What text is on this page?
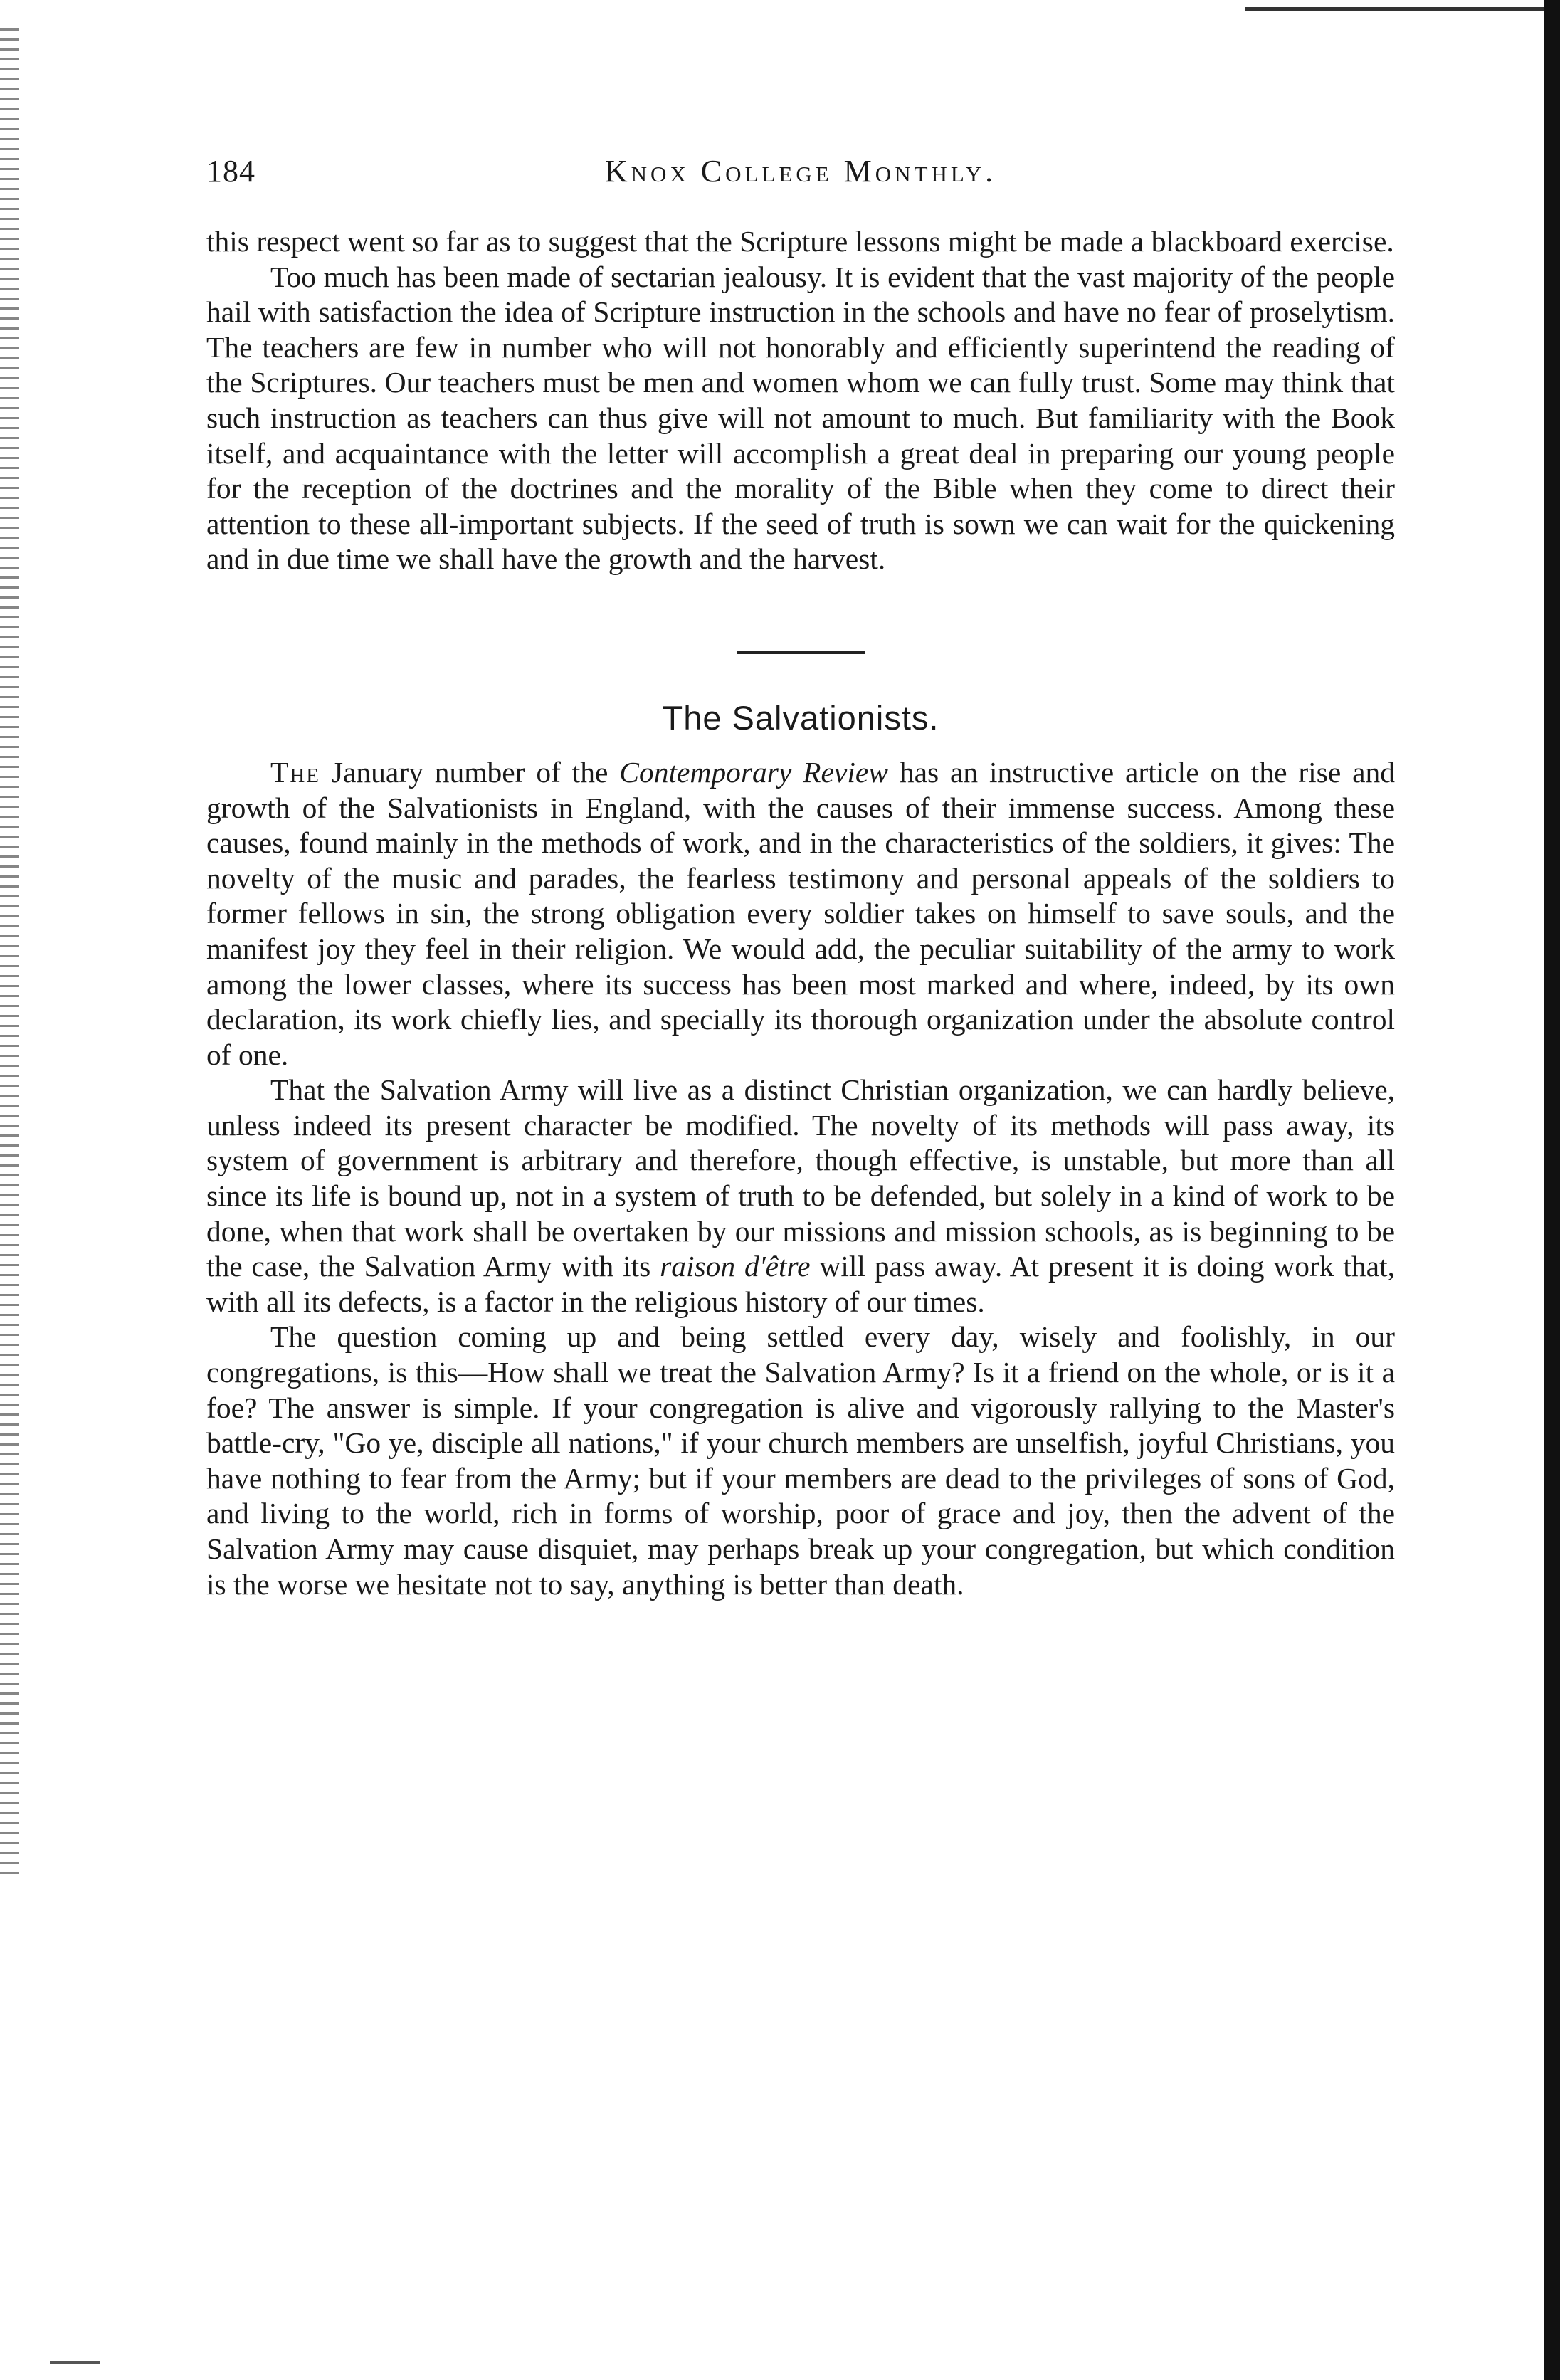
184	Knox College Monthly.

this respect went so far as to suggest that the Scripture lessons might be made a blackboard exercise.

Too much has been made of sectarian jealousy. It is evident that the vast majority of the people hail with satisfaction the idea of Scripture instruction in the schools and have no fear of proselytism. The teachers are few in number who will not honorably and efficiently superintend the reading of the Scriptures. Our teachers must be men and women whom we can fully trust. Some may think that such instruction as teachers can thus give will not amount to much. But familiarity with the Book itself, and acquaintance with the letter will accomplish a great deal in preparing our young people for the reception of the doctrines and the morality of the Bible when they come to direct their attention to these all-important subjects. If the seed of truth is sown we can wait for the quickening and in due time we shall have the growth and the harvest.

The Salvationists.

The January number of the Contemporary Review has an instructive article on the rise and growth of the Salvationists in England, with the causes of their immense success. Among these causes, found mainly in the methods of work, and in the characteristics of the soldiers, it gives: The novelty of the music and parades, the fearless testimony and personal appeals of the soldiers to former fellows in sin, the strong obligation every soldier takes on himself to save souls, and the manifest joy they feel in their religion. We would add, the peculiar suitability of the army to work among the lower classes, where its success has been most marked and where, indeed, by its own declaration, its work chiefly lies, and specially its thorough organization under the absolute control of one.

That the Salvation Army will live as a distinct Christian organization, we can hardly believe, unless indeed its present character be modified. The novelty of its methods will pass away, its system of government is arbitrary and therefore, though effective, is unstable, but more than all since its life is bound up, not in a system of truth to be defended, but solely in a kind of work to be done, when that work shall be overtaken by our missions and mission schools, as is beginning to be the case, the Salvation Army with its raison d'être will pass away. At present it is doing work that, with all its defects, is a factor in the religious history of our times.

The question coming up and being settled every day, wisely and foolishly, in our congregations, is this—How shall we treat the Salvation Army? Is it a friend on the whole, or is it a foe? The answer is simple. If your congregation is alive and vigorously rallying to the Master's battle-cry, "Go ye, disciple all nations," if your church members are unselfish, joyful Christians, you have nothing to fear from the Army; but if your members are dead to the privileges of sons of God, and living to the world, rich in forms of worship, poor of grace and joy, then the advent of the Salvation Army may cause disquiet, may perhaps break up your congregation, but which condition is the worse we hesitate not to say, anything is better than death.
